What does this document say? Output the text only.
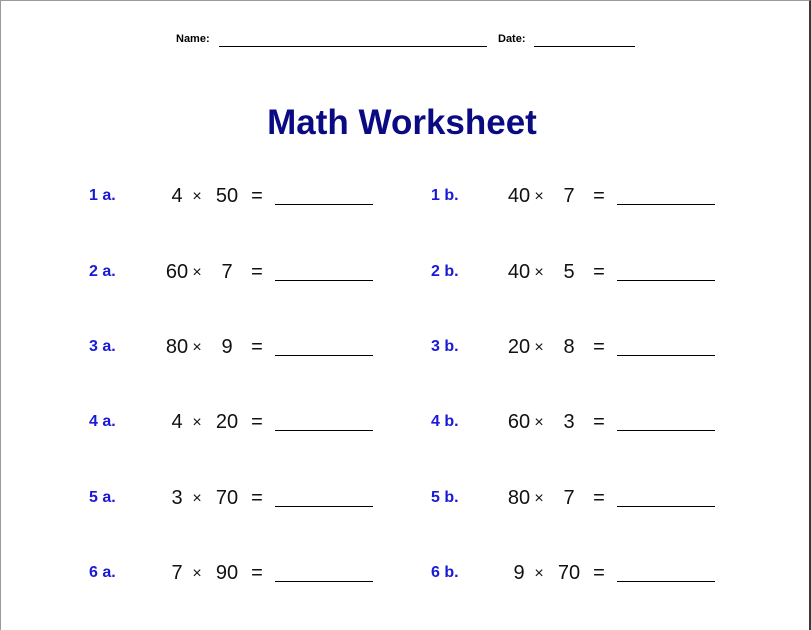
Name:	Date:
Math Worksheet
1 a.	4 × 50 =	1 b.	40 × 7 =
2 a.	60 × 7 =	2 b.	40 × 5 =
3 a.	80 × 9 =	3 b.	20 × 8 =
4 a.	4 × 20 =	4 b.	60 × 3 =
5 a.	3 × 70 =	5 b.	80 × 7 =
6 a.	7 × 90 =	6 b.	9 × 70 =
